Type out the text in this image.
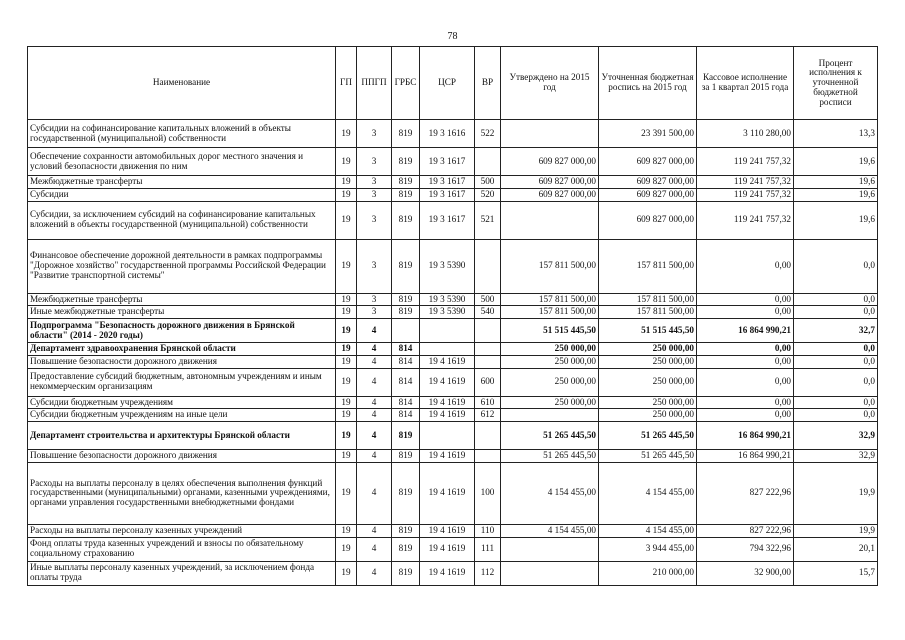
78
Наименование	ГП	ППГП	ГРБС	ЦСР	ВР	Утверждено на 2015 год	Уточненная бюджетная роспись на 2015 год	Кассовое исполнение за 1 квартал 2015 года	Процент исполнения к уточненной бюджетной росписи
Субсидии на софинансирование капитальных вложений в объекты государственной (муниципальной) собственности	19	3	819	19 3 1616	522		23 391 500,00	3 110 280,00	13,3
Обеспечение сохранности автомобильных дорог местного значения и условий безопасности движения по ним	19	3	819	19 3 1617		609 827 000,00	609 827 000,00	119 241 757,32	19,6
Межбюджетные трансферты	19	3	819	19 3 1617	500	609 827 000,00	609 827 000,00	119 241 757,32	19,6
Субсидии	19	3	819	19 3 1617	520	609 827 000,00	609 827 000,00	119 241 757,32	19,6
Субсидии, за исключением субсидий на софинансирование капитальных вложений в объекты государственной (муниципальной) собственности	19	3	819	19 3 1617	521		609 827 000,00	119 241 757,32	19,6
Финансовое обеспечение дорожной деятельности в рамках подпрограммы "Дорожное хозяйство" государственной программы Российской Федерации "Развитие транспортной системы"	19	3	819	19 3 5390		157 811 500,00	157 811 500,00	0,00	0,0
Межбюджетные трансферты	19	3	819	19 3 5390	500	157 811 500,00	157 811 500,00	0,00	0,0
Иные межбюджетные трансферты	19	3	819	19 3 5390	540	157 811 500,00	157 811 500,00	0,00	0,0
Подпрограмма "Безопасность дорожного движения в Брянской области" (2014 - 2020 годы)	19	4				51 515 445,50	51 515 445,50	16 864 990,21	32,7
Департамент здравоохранения Брянской области	19	4	814			250 000,00	250 000,00	0,00	0,0
Повышение безопасности дорожного движения	19	4	814	19 4 1619		250 000,00	250 000,00	0,00	0,0
Предоставление субсидий бюджетным, автономным учреждениям и иным некоммерческим организациям	19	4	814	19 4 1619	600	250 000,00	250 000,00	0,00	0,0
Субсидии бюджетным учреждениям	19	4	814	19 4 1619	610	250 000,00	250 000,00	0,00	0,0
Субсидии бюджетным учреждениям на иные цели	19	4	814	19 4 1619	612		250 000,00	0,00	0,0
Департамент строительства и архитектуры Брянской области	19	4	819			51 265 445,50	51 265 445,50	16 864 990,21	32,9
Повышение безопасности дорожного движения	19	4	819	19 4 1619		51 265 445,50	51 265 445,50	16 864 990,21	32,9
Расходы на выплаты персоналу в целях обеспечения выполнения функций государственными (муниципальными) органами, казенными учреждениями, органами управления государственными внебюджетными фондами	19	4	819	19 4 1619	100	4 154 455,00	4 154 455,00	827 222,96	19,9
Расходы на выплаты персоналу казенных учреждений	19	4	819	19 4 1619	110	4 154 455,00	4 154 455,00	827 222,96	19,9
Фонд оплаты труда казенных учреждений и взносы по обязательному социальному страхованию	19	4	819	19 4 1619	111		3 944 455,00	794 322,96	20,1
Иные выплаты персоналу казенных учреждений, за исключением фонда оплаты труда	19	4	819	19 4 1619	112		210 000,00	32 900,00	15,7
